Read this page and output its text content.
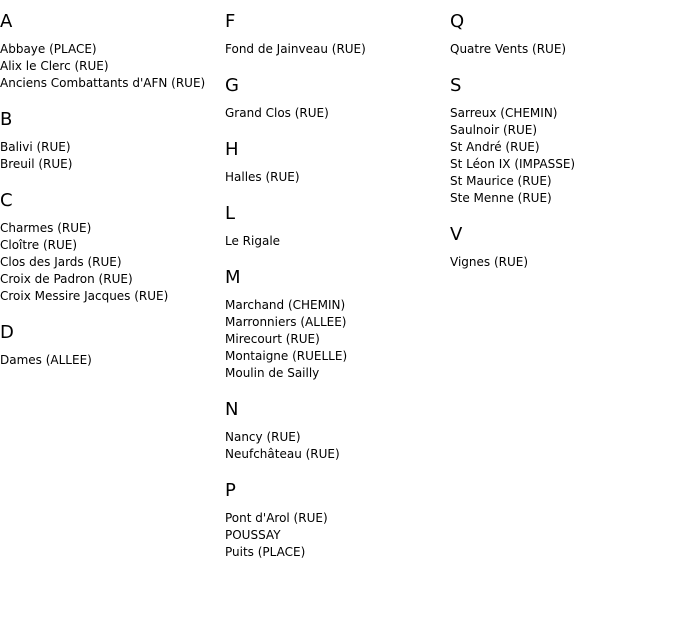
A
Abbaye (PLACE)
Alix le Clerc (RUE)
Anciens Combattants d'AFN (RUE)
B
Balivi (RUE)
Breuil (RUE)
C
Charmes (RUE)
Cloître (RUE)
Clos des Jards (RUE)
Croix de Padron (RUE)
Croix Messire Jacques (RUE)
D
Dames (ALLEE)
F
Fond de Jainveau (RUE)
G
Grand Clos (RUE)
H
Halles (RUE)
L
Le Rigale
M
Marchand (CHEMIN)
Marronniers (ALLEE)
Mirecourt (RUE)
Montaigne (RUELLE)
Moulin de Sailly
N
Nancy (RUE)
Neufchâteau (RUE)
P
Pont d'Arol (RUE)
POUSSAY
Puits (PLACE)
Q
Quatre Vents (RUE)
S
Sarreux (CHEMIN)
Saulnoir (RUE)
St André (RUE)
St Léon IX (IMPASSE)
St Maurice (RUE)
Ste Menne (RUE)
V
Vignes (RUE)
